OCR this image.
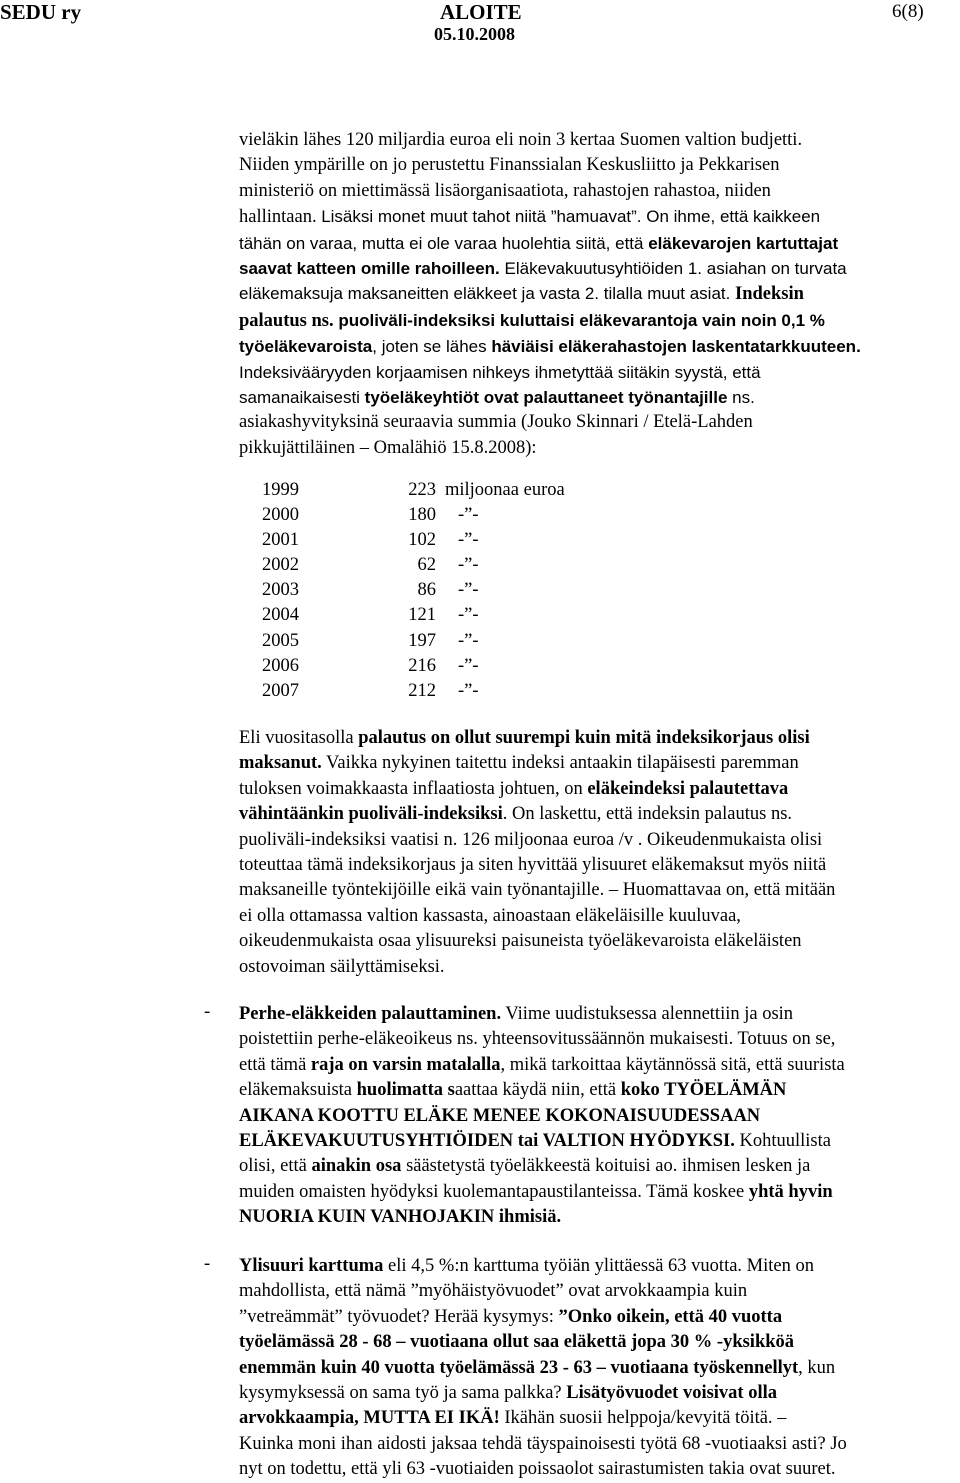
SEDU ry	ALOITE	6(8)
05.10.2008
vieläkin lähes 120 miljardia euroa eli noin 3 kertaa Suomen valtion budjetti.
Niiden ympärille on jo perustettu Finanssialan Keskusliitto ja Pekkarisen
ministeriö on miettimässä lisäorganisaatiota, rahastojen rahastoa, niiden
hallintaan. Lisäksi monet muut tahot niitä ”hamuavat”. On ihme, että kaikkeen
tähän on varaa, mutta ei ole varaa huolehtia siitä, että eläkevarojen kartuttajat
saavat katteen omille rahoilleen. Eläkevakuutusyhtiöiden 1. asiahan on turvata
eläkemaksuja maksaneitten eläkkeet ja vasta 2. tilalla muut asiat. Indeksin
palautus ns. puoliväli-indeksiksi kuluttaisi eläkevarantoja vain noin 0,1 %
työeläkevaroista, joten se lähes häviäisi eläkerahastojen laskentatarkkuuteen.
Indeksivääryyden korjaamisen nihkeys ihmetyttää siitäkin syystä, että
samanaikaisesti työeläkeyhtiöt ovat palauttaneet työnantajille ns.
asiakashyvityksinä seuraavia summia (Jouko Skinnari / Etelä-Lahden
pikkujättiläinen – Omalähiö 15.8.2008):
1999	223 miljoonaa euroa
2000	180	-”-
2001	102	-”-
2002	62	-”-
2003	86	-”-
2004	121	-”-
2005	197	-”-
2006	216	-”-
2007	212	-”-
Eli vuositasolla palautus on ollut suurempi kuin mitä indeksikorjaus olisi
maksanut. Vaikka nykyinen taitettu indeksi antaakin tilapäisesti paremman
tuloksen voimakkaasta inflaatiosta johtuen, on eläkeindeksi palautettava
vähintäänkin puoliväli-indeksiksi. On laskettu, että indeksin palautus ns.
puoliväli-indeksiksi vaatisi n. 126 miljoonaa euroa /v . Oikeudenmukaista olisi
toteuttaa tämä indeksikorjaus ja siten hyvittää ylisuuret eläkemaksut myös niitä
maksaneille työntekijöille eikä vain työnantajille. – Huomattavaa on, että mitään
ei olla ottamassa valtion kassasta, ainoastaan eläkeläisille kuuluvaa,
oikeudenmukaista osaa ylisuureksi paisuneista työeläkevaroista eläkeläisten
ostovoiman säilyttämiseksi.
- Perhe-eläkkeiden palauttaminen. Viime uudistuksessa alennettiin ja osin
poistettiin perhe-eläkeoikeus ns. yhteensovitussäännön mukaisesti. Totuus on se,
että tämä raja on varsin matalalla, mikä tarkoittaa käytännössä sitä, että suurista
eläkemaksuista huolimatta saattaa käydä niin, että koko TYÖELÄMÄN
AIKANA KOOTTU ELÄKE MENEE KOKONAISUUDESSAAN
ELÄKEVAKUUTUSYHTIÖIDEN tai VALTION HYÖDYKSI. Kohtuullista
olisi, että ainakin osa säästetystä työeläkkeestä koituisi ao. ihmisen lesken ja
muiden omaisten hyödyksi kuolemantapaustilanteissa. Tämä koskee yhtä hyvin
NUORIA KUIN VANHOJAKIN ihmisiä.
- Ylisuuri karttuma eli 4,5 %:n karttuma työiän ylittäessä 63 vuotta. Miten on
mahdollista, että nämä ”myöhäistyövuodet” ovat arvokkaampia kuin
”vetreämmät” työvuodet? Herää kysymys: ”Onko oikein, että 40 vuotta
työelämässä 28 - 68 – vuotiaana ollut saa eläkettä jopa 30 % -yksikköä
enemmän kuin 40 vuotta työelämässä 23 - 63 – vuotiaana työskennellyt, kun
kysymyksessä on sama työ ja sama palkka? Lisätyövuodet voisivat olla
arvokkaampia, MUTTA EI IKÄ! Ikähän suosii helppoja/kevyitä töitä. –
Kuinka moni ihan aidosti jaksaa tehdä täyspainoisesti työtä 68 -vuotiaaksi asti? Jo
nyt on todettu, että yli 63 -vuotiaiden poissaolot sairastumisten takia ovat suuret.
